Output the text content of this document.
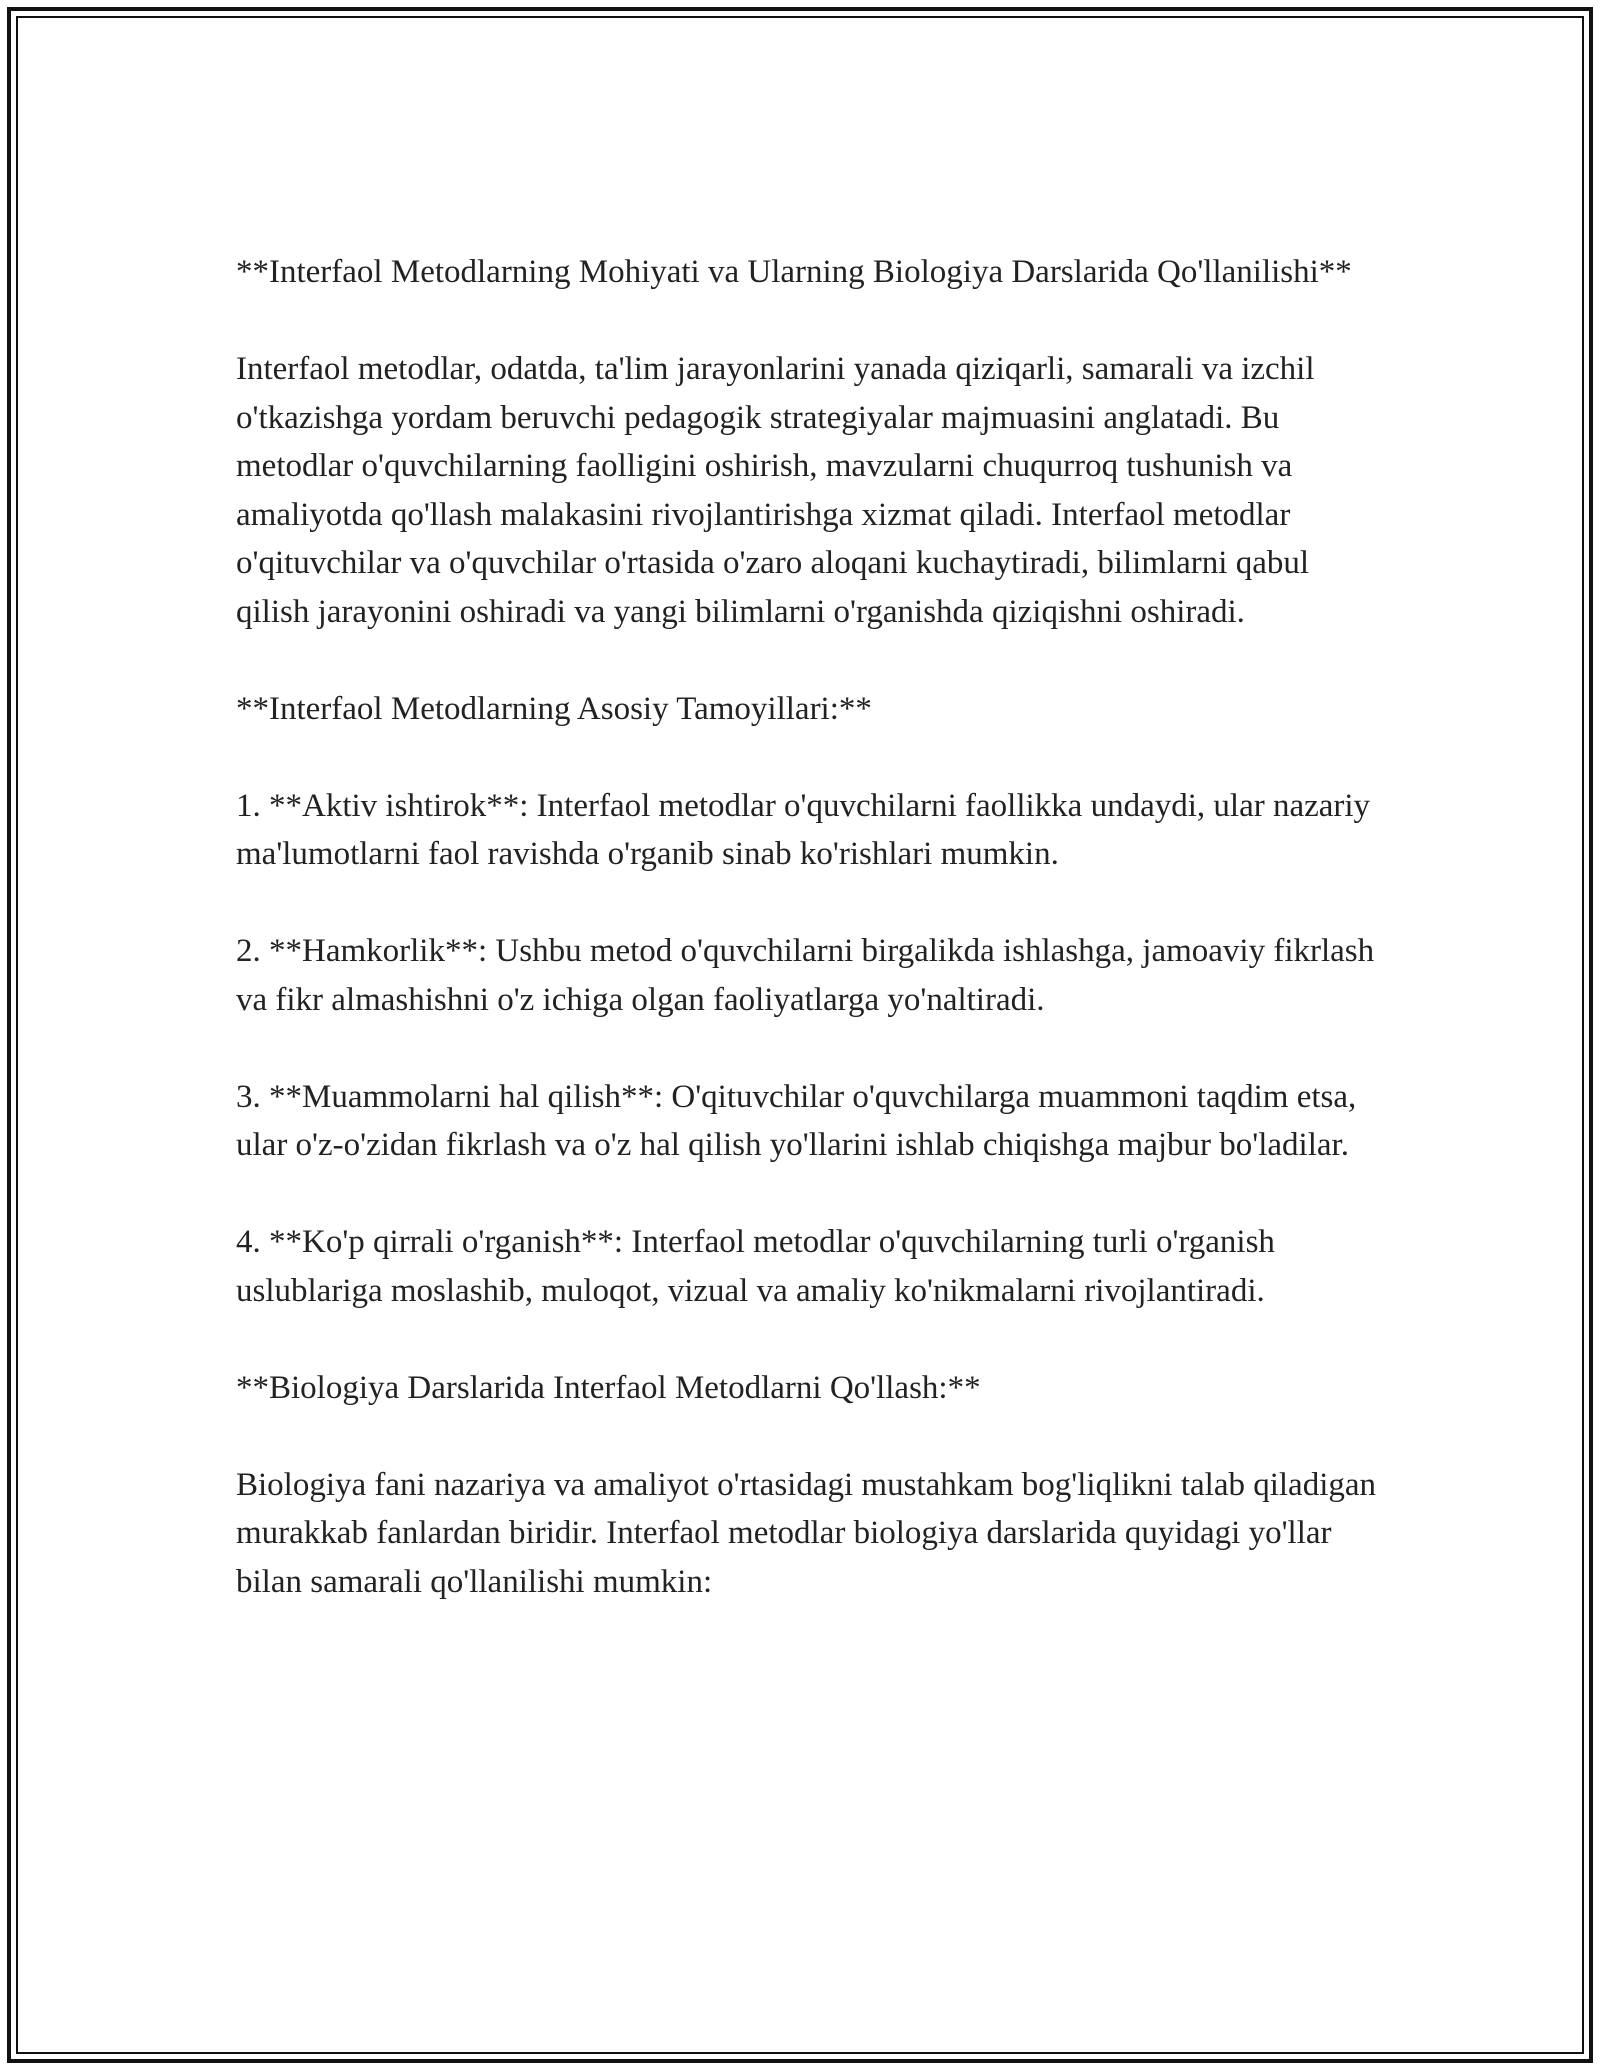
**Interfaol Metodlarning Mohiyati va Ularning Biologiya Darslarida Qo'llanilishi**

Interfaol metodlar, odatda, ta'lim jarayonlarini yanada qiziqarli, samarali va izchil o'tkazishga yordam beruvchi pedagogik strategiyalar majmuasini anglatadi. Bu metodlar o'quvchilarning faolligini oshirish, mavzularni chuqurroq tushunish va amaliyotda qo'llash malakasini rivojlantirishga xizmat qiladi. Interfaol metodlar o'qituvchilar va o'quvchilar o'rtasida o'zaro aloqani kuchaytiradi, bilimlarni qabul qilish jarayonini oshiradi va yangi bilimlarni o'rganishda qiziqishni oshiradi.

**Interfaol Metodlarning Asosiy Tamoyillari:**

1. **Aktiv ishtirok**: Interfaol metodlar o'quvchilarni faollikka undaydi, ular nazariy ma'lumotlarni faol ravishda o'rganib sinab ko'rishlari mumkin.

2. **Hamkorlik**: Ushbu metod o'quvchilarni birgalikda ishlashga, jamoaviy fikrlash va fikr almashishni o'z ichiga olgan faoliyatlarga yo'naltiradi.

3. **Muammolarni hal qilish**: O'qituvchilar o'quvchilarga muammoni taqdim etsa, ular o'z-o'zidan fikrlash va o'z hal qilish yo'llarini ishlab chiqishga majbur bo'ladilar.

4. **Ko'p qirrali o'rganish**: Interfaol metodlar o'quvchilarning turli o'rganish uslublariga moslashib, muloqot, vizual va amaliy ko'nikmalarni rivojlantiradi.

**Biologiya Darslarida Interfaol Metodlarni Qo'llash:**

Biologiya fani nazariya va amaliyot o'rtasidagi mustahkam bog'liqlikni talab qiladigan murakkab fanlardan biridir. Interfaol metodlar biologiya darslarida quyidagi yo'llar bilan samarali qo'llanilishi mumkin:
